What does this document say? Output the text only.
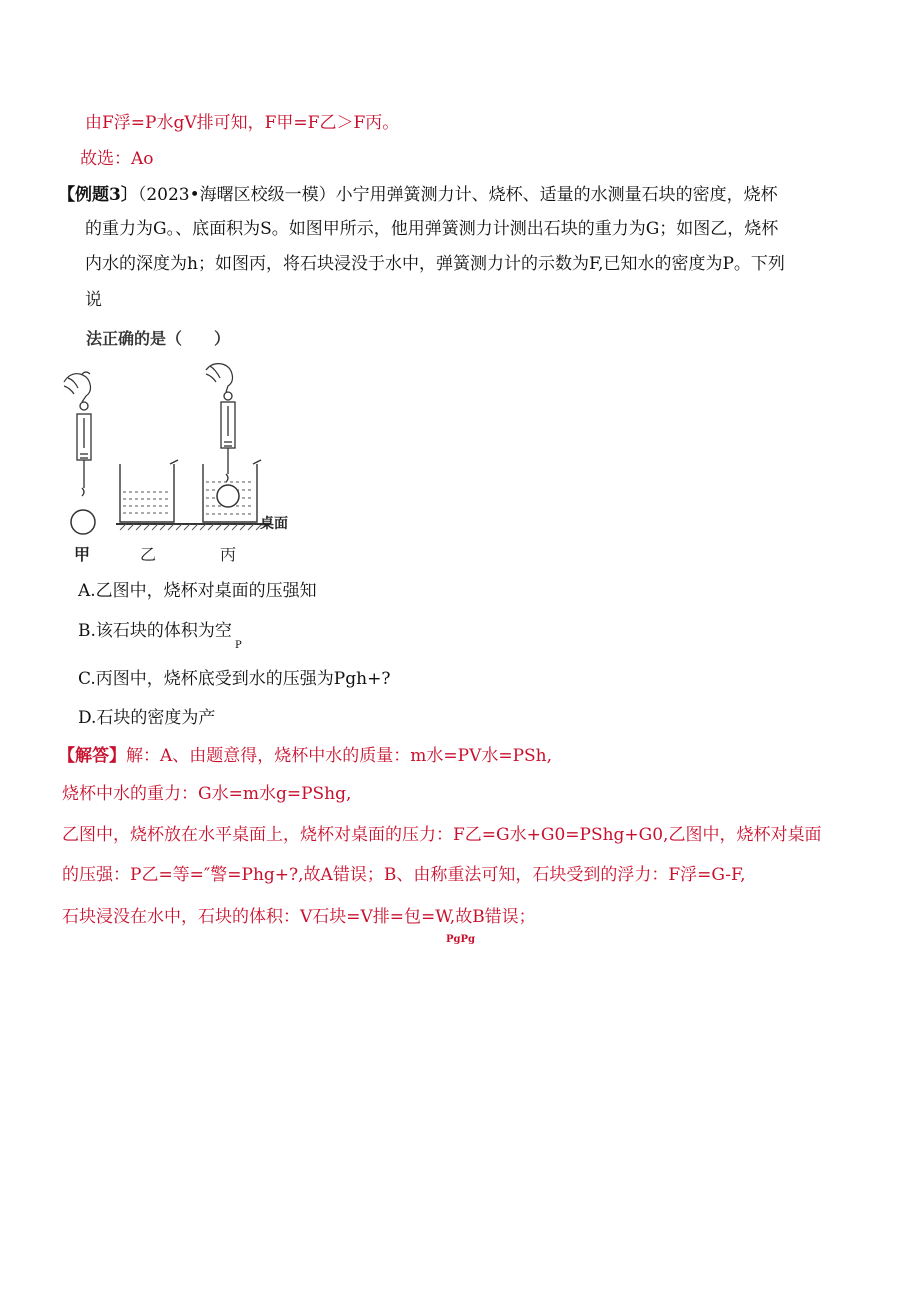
由F浮=P水gV排可知，F甲=F乙＞F丙。
故选：Ao
【例题3〕（2023•海曙区校级一模）小宁用弹簧测力计、烧杯、适量的水测量石块的密度，烧杯
的重力为G。、底面积为S。如图甲所示，他用弹簧测力计测出石块的重力为G；如图乙，烧杯
内水的深度为h；如图丙，将石块浸没于水中，弹簧测力计的示数为F,已知水的密度为P。下列
说
法正确的是（　　）
桌面
甲	乙	丙
A.乙图中，烧杯对桌面的压强知
B.该石块的体积为空
P
C.丙图中，烧杯底受到水的压强为Pgh+?
D.石块的密度为产
【解答】解：A、由题意得，烧杯中水的质量：m水=PV水=PSh,
烧杯中水的重力：G水=m水g=PShg,
乙图中，烧杯放在水平桌面上，烧杯对桌面的压力：F乙=G水+G0=PShg+G0,乙图中，烧杯对桌面
的压强：P乙=等=″警=Phg+?,故A错误；B、由称重法可知，石块受到的浮力：F浮=G-F,
石块浸没在水中，石块的体积：V石块=V排=包=W,故B错误；
PgPg
